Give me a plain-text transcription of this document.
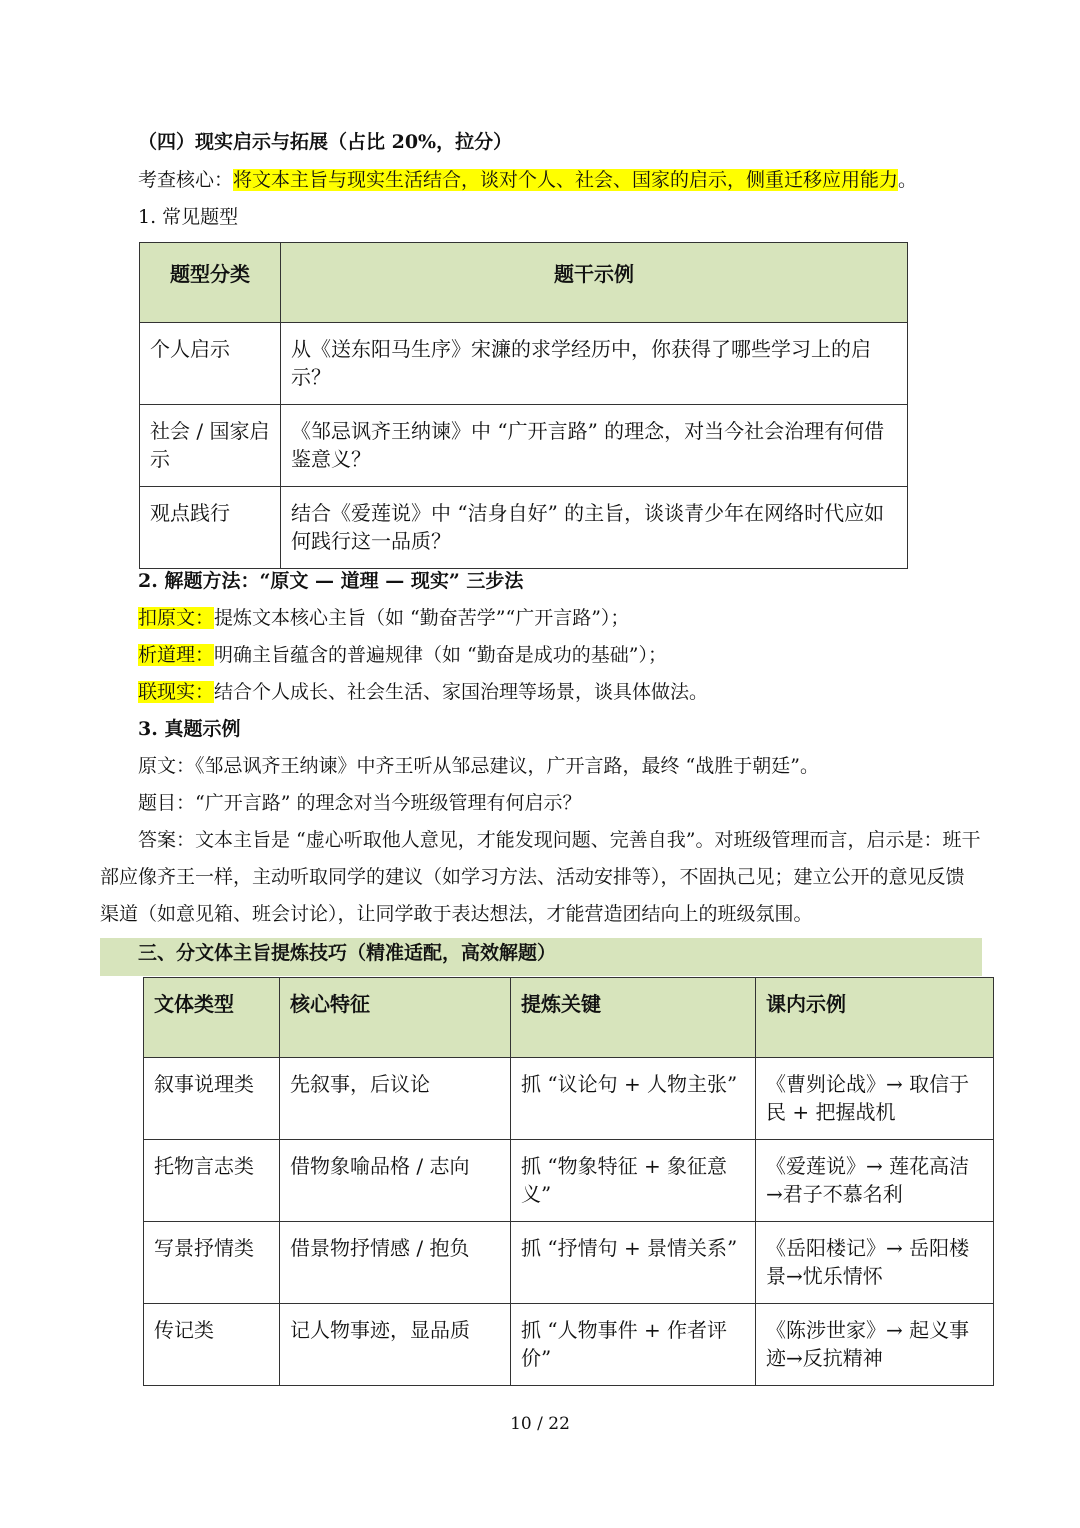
（四）现实启示与拓展（占比 20%，拉分）
考查核心：将文本主旨与现实生活结合，谈对个人、社会、国家的启示，侧重迁移应用能力。
1. 常见题型
题型分类	题干示例
个人启示	从《送东阳马生序》宋濂的求学经历中，你获得了哪些学习上的启示？
社会 / 国家启示	《邹忌讽齐王纳谏》中 “广开言路” 的理念，对当今社会治理有何借鉴意义？
观点践行	结合《爱莲说》中 “洁身自好” 的主旨，谈谈青少年在网络时代应如何践行这一品质？
2. 解题方法：“原文 — 道理 — 现实” 三步法
扣原文：提炼文本核心主旨（如 “勤奋苦学”“广开言路”）；
析道理：明确主旨蕴含的普遍规律（如 “勤奋是成功的基础”）；
联现实：结合个人成长、社会生活、家国治理等场景，谈具体做法。
3. 真题示例
原文：《邹忌讽齐王纳谏》中齐王听从邹忌建议，广开言路，最终 “战胜于朝廷”。
题目：“广开言路” 的理念对当今班级管理有何启示？
答案：文本主旨是 “虚心听取他人意见，才能发现问题、完善自我”。对班级管理而言，启示是：班干部应像齐王一样，主动听取同学的建议（如学习方法、活动安排等），不固执己见；建立公开的意见反馈渠道（如意见箱、班会讨论），让同学敢于表达想法，才能营造团结向上的班级氛围。
三、分文体主旨提炼技巧（精准适配，高效解题）
文体类型	核心特征	提炼关键	课内示例
叙事说理类	先叙事，后议论	抓 “议论句 + 人物主张”	《曹刿论战》→ 取信于民 + 把握战机
托物言志类	借物象喻品格 / 志向	抓 “物象特征 + 象征意义”	《爱莲说》→ 莲花高洁→君子不慕名利
写景抒情类	借景物抒情感 / 抱负	抓 “抒情句 + 景情关系”	《岳阳楼记》→ 岳阳楼景→忧乐情怀
传记类	记人物事迹，显品质	抓 “人物事件 + 作者评价”	《陈涉世家》→ 起义事迹→反抗精神
10 / 22
